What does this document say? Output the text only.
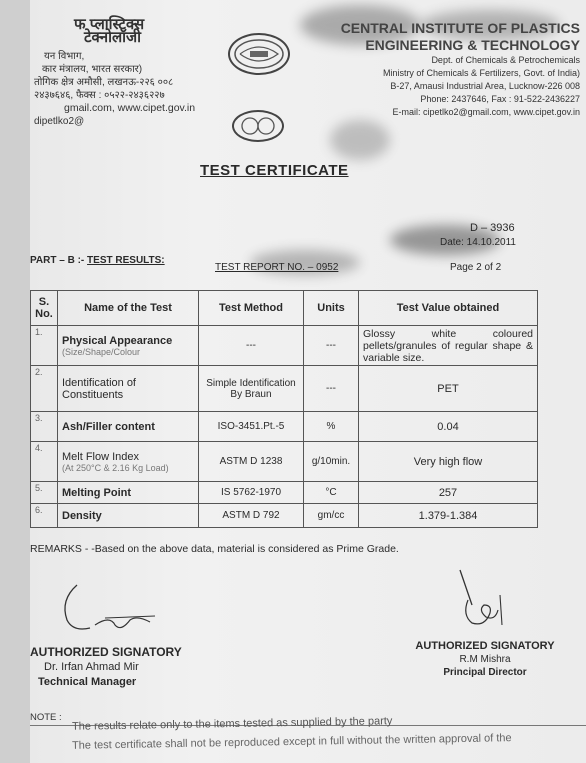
फ प्लास्टिक्स
टेक्नोलॉजी
यन विभाग,
कार मंत्रालय, भारत सरकार)
तोगिक क्षेत्र अमौसी, लखनऊ-२२६ ००८
२४३७६४६, फैक्स : ०५२२-२४३६२२७
gmail.com, www.cipet.gov.in
dipetlko2@
CENTRAL INSTITUTE OF PLASTICS
ENGINEERING & TECHNOLOGY
Dept. of Chemicals & Petrochemicals
Ministry of Chemicals & Fertilizers, Govt. of India)
B-27, Amausi Industrial Area, Lucknow-226 008
Phone: 2437646, Fax : 91-522-2436227
E-mail: cipetlko2@gmail.com, www.cipet.gov.in
TEST CERTIFICATE
D – 3936
Date: 14.10.2011
PART – B :- TEST RESULTS:
TEST REPORT NO. – 0952	Page 2 of 2
S. No.	Name of the Test	Test Method	Units	Test Value obtained
1.	Physical Appearance
(Size/Shape/Colour	---	---	Glossy white coloured pellets/granules of regular shape & variable size.
2.	Identification of Constituents	Simple Identification By Braun	---	PET
3.	Ash/Filler content	ISO-3451.Pt.-5	%	0.04
4.	Melt Flow Index
(At 250°C & 2.16 Kg Load)	ASTM D 1238	g/10min.	Very high flow
5.	Melting Point	IS 5762-1970	°C	257
6.	Density	ASTM D 792	gm/cc	1.379-1.384
REMARKS - -Based on the above data, material is considered as Prime Grade.
AUTHORIZED SIGNATORY
Dr. Irfan Ahmad Mir
Technical Manager
AUTHORIZED SIGNATORY
R.M Mishra
Principal Director
NOTE : The results relate only to the items tested as supplied by the party
The test certificate shall not be reproduced except in full without the written approval of the
